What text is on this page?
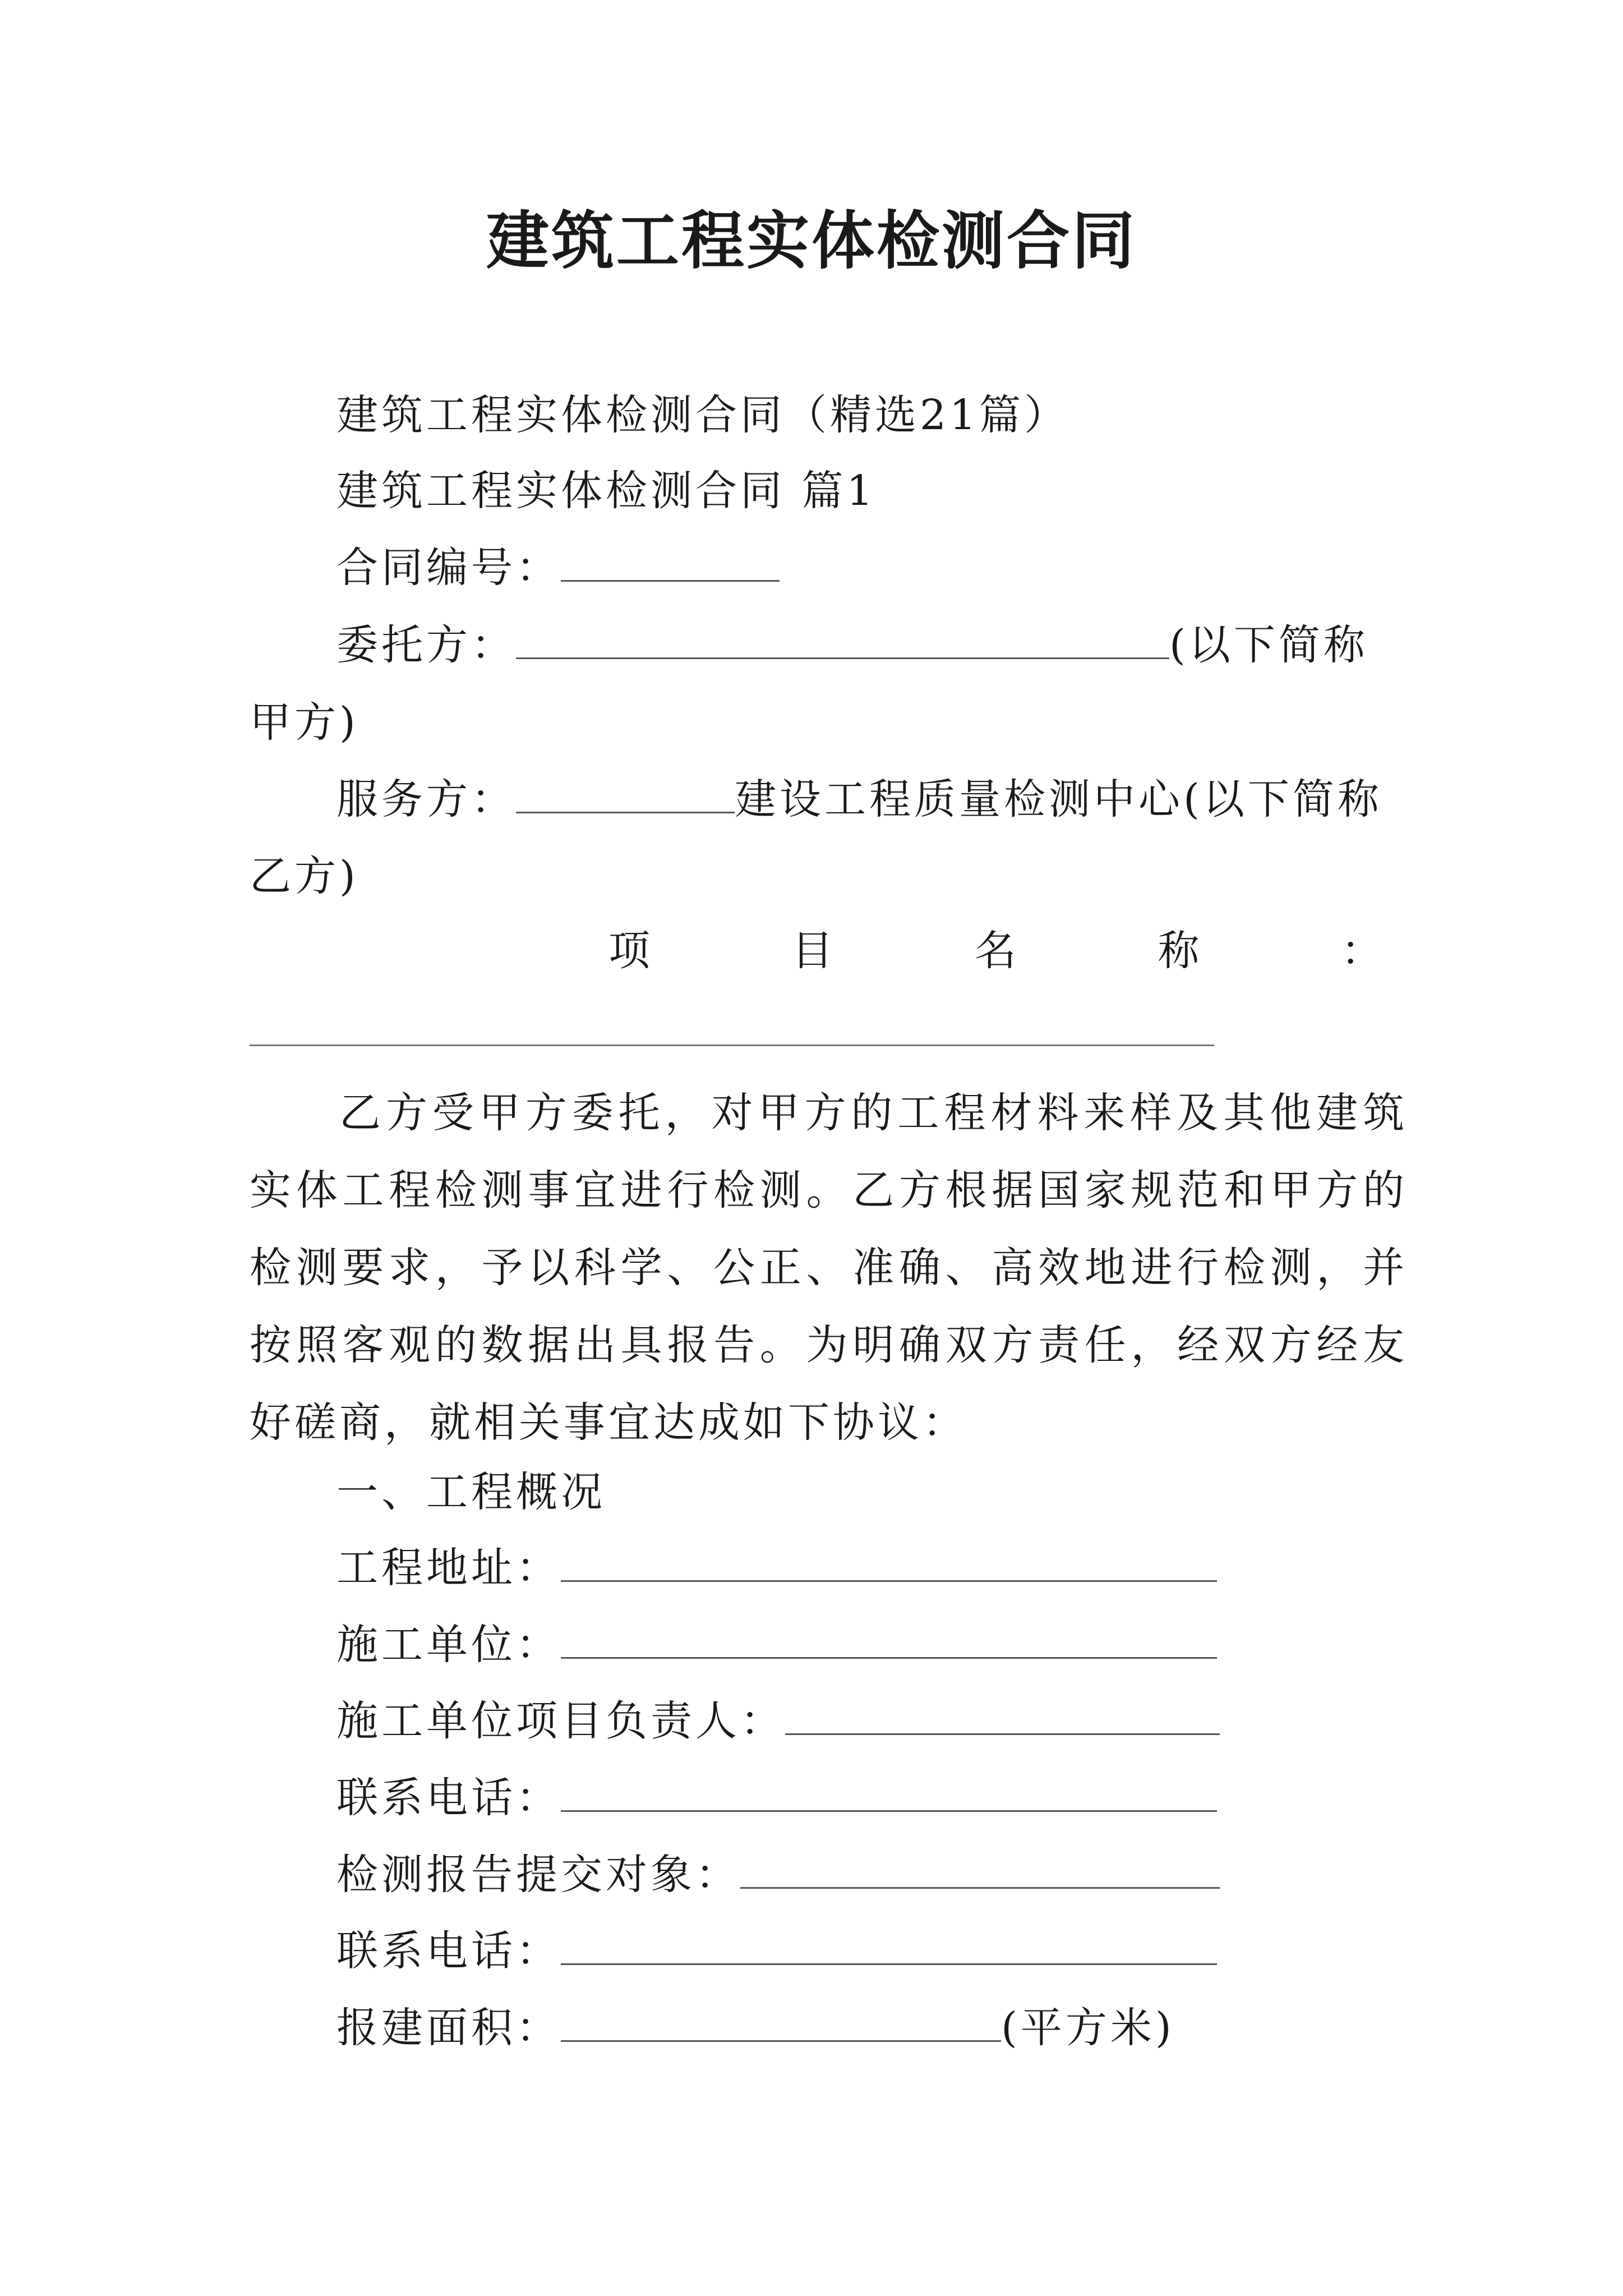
建筑工程实体检测合同
建筑工程实体检测合同（精选21篇）
建筑工程实体检测合同 篇1
合同编号：
委托方：	(以下简称
甲方)
服务方：	建设工程质量检测中心(以下简称
乙方)
项	目	名	称	：
乙方受甲方委托，对甲方的工程材料来样及其他建筑实体工程检测事宜进行检测。乙方根据国家规范和甲方的检测要求，予以科学、公正、准确、高效地进行检测，并按照客观的数据出具报告。为明确双方责任，经双方经友好磋商，就相关事宜达成如下协议：
一、工程概况
工程地址：
施工单位：
施工单位项目负责人：
联系电话：
检测报告提交对象：
联系电话：
报建面积：	(平方米)
